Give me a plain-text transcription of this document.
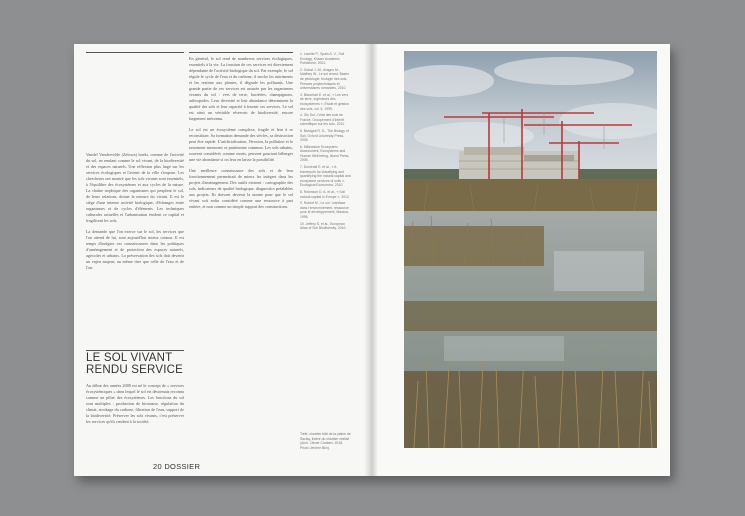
Vandel Vandervelde (Zelowa) boekt, comme de l'activité du sol, en rendant comme le sol vivant, de la biodiversité et des espaces naturels. Une réflexion plus large sur les services écologiques et l'avenir de la ville s'impose. Les chercheurs ont montré que les sols vivants sont essentiels, à l'équilibre des écosystèmes et aux cycles de la nature. La chaîne trophique des organismes qui peuplent le sol, de leurs relations, donne la mesure du vivant. Il est le siège d'une intense activité biologique, d'échanges entre organismes et de cycles d'éléments. Les techniques culturales actuelles et l'urbanisation érodent ce capital et fragilisent les sols.

La demande que l'on exerce sur le sol, les services que l'on attend de lui, sont aujourd'hui mieux connus. Il est temps d'intégrer ces connaissances dans les politiques d'aménagement et de protection des espaces naturels, agricoles et urbains. La préservation des sols doit devenir un enjeu majeur, au même titre que celle de l'eau et de l'air.

LE SOL VIVANT RENDU SERVICE

Au début des années 2000 est né le concept de « services écosystémiques » dans lequel le sol est désormais reconnu comme un pilier des écosystèmes. Les fonctions du sol sont multiples : production de biomasse, régulation du climat, stockage du carbone, filtration de l'eau, support de la biodiversité. Préserver les sols vivants, c'est préserver les services qu'ils rendent à la société.

En général, le sol rend de nombreux services écologiques, essentiels à la vie. La fonction de ces services est directement dépendante de l'activité biologique du sol. Par exemple, le sol régule le cycle de l'eau et du carbone, il stocke les nutriments et les restitue aux plantes, il dégrade les polluants. Une grande partie de ces services est assurée par les organismes vivants du sol : vers de terre, bactéries, champignons, arthropodes. Leur diversité et leur abondance déterminent la qualité des sols et leur capacité à fournir ces services. Le sol est ainsi un véritable réservoir de biodiversité, encore largement méconnu.

Le sol est un écosystème complexe, fragile et lent à se reconstituer. Sa formation demande des siècles, sa destruction peut être rapide. L'artificialisation, l'érosion, la pollution et le tassement menacent ce patrimoine commun. Les sols urbains, souvent considérés comme morts, peuvent pourtant héberger une vie abondante si on leur en laisse la possibilité.

Une meilleure connaissance des sols et de leur fonctionnement permettrait de mieux les intégrer dans les projets d'aménagement. Des outils existent : cartographie des sols, indicateurs de qualité biologique, diagnostics préalables aux projets. Ils doivent devenir la norme pour que le sol vivant soit enfin considéré comme une ressource à part entière, et non comme un simple support des constructions.

20 DOSSIER

1. Lavelle P., Spain A. V., Soil Ecology, Kluwer Academic Publishers, 2001.

2. Gobat J.-M., Aragno M., Matthey W., Le sol vivant. Bases de pédologie, biologie des sols, Presses polytechniques et universitaires romandes, 2010.

3. Blanchart E. et al., « Les vers de terre, ingénieurs des écosystèmes », Étude et gestion des sols, vol. 6, 1999.

4. Gis Sol, L'état des sols de France, Groupement d'intérêt scientifique sur les sols, 2011.

5. Bardgett R. D., The Biology of Soil, Oxford University Press, 2005.

6. Millennium Ecosystem Assessment, Ecosystems and Human Well-being, Island Press, 2005.

7. Dominati E. et al., « A framework for classifying and quantifying the natural capital and ecosystem services of soils », Ecological Economics, 2010.

8. Robinson D. A. et al., « Soil natural capital in Europe », 2012.

9. Robert M., Le sol : interface dans l'environnement, ressource pour le développement, Masson, 1996.

10. Jeffery S. et al., European Atlas of Soil Biodiversity, 2010.

Tiefe, chantier bâti de la plaine de Saclay, lisière du chantier réalisé (Arch. Olivier Chabert, 2018. Photo Jérôme Blin).
